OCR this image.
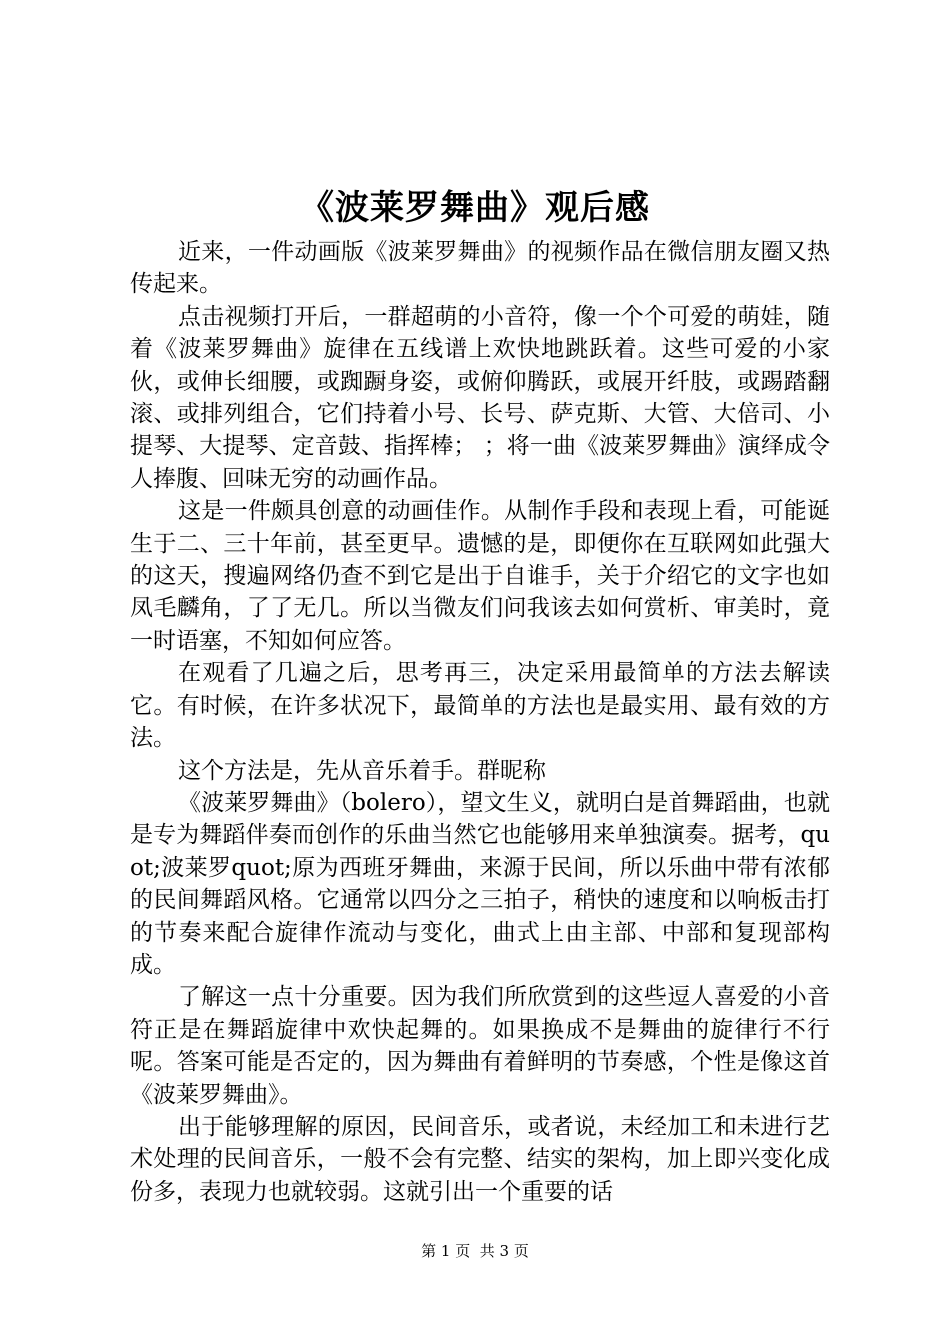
《波莱罗舞曲》观后感

近来，一件动画版《波莱罗舞曲》的视频作品在微信朋友圈又热传起来。

点击视频打开后，一群超萌的小音符，像一个个可爱的萌娃，随着《波莱罗舞曲》旋律在五线谱上欢快地跳跃着。这些可爱的小家伙，或伸长细腰，或踟蹰身姿，或俯仰腾跃，或展开纤肢，或踢踏翻滚、或排列组合，它们持着小号、长号、萨克斯、大管、大倍司、小提琴、大提琴、定音鼓、指挥棒； ；将一曲《波莱罗舞曲》演绎成令人捧腹、回味无穷的动画作品。

这是一件颇具创意的动画佳作。从制作手段和表现上看，可能诞生于二、三十年前，甚至更早。遗憾的是，即便你在互联网如此强大的这天，搜遍网络仍查不到它是出于自谁手，关于介绍它的文字也如凤毛麟角，了了无几。所以当微友们问我该去如何赏析、审美时，竟一时语塞，不知如何应答。

在观看了几遍之后，思考再三，决定采用最简单的方法去解读它。有时候，在许多状况下，最简单的方法也是最实用、最有效的方法。

这个方法是，先从音乐着手。群昵称

《波莱罗舞曲》（bolero），望文生义，就明白是首舞蹈曲，也就是专为舞蹈伴奏而创作的乐曲当然它也能够用来单独演奏。据考，quot;波莱罗quot;原为西班牙舞曲，来源于民间，所以乐曲中带有浓郁的民间舞蹈风格。它通常以四分之三拍子，稍快的速度和以响板击打的节奏来配合旋律作流动与变化，曲式上由主部、中部和复现部构成。

了解这一点十分重要。因为我们所欣赏到的这些逗人喜爱的小音符正是在舞蹈旋律中欢快起舞的。如果换成不是舞曲的旋律行不行呢。答案可能是否定的，因为舞曲有着鲜明的节奏感，个性是像这首《波莱罗舞曲》。

出于能够理解的原因，民间音乐，或者说，未经加工和未进行艺术处理的民间音乐，一般不会有完整、结实的架构，加上即兴变化成份多，表现力也就较弱。这就引出一个重要的话

第 1 页  共 3 页
